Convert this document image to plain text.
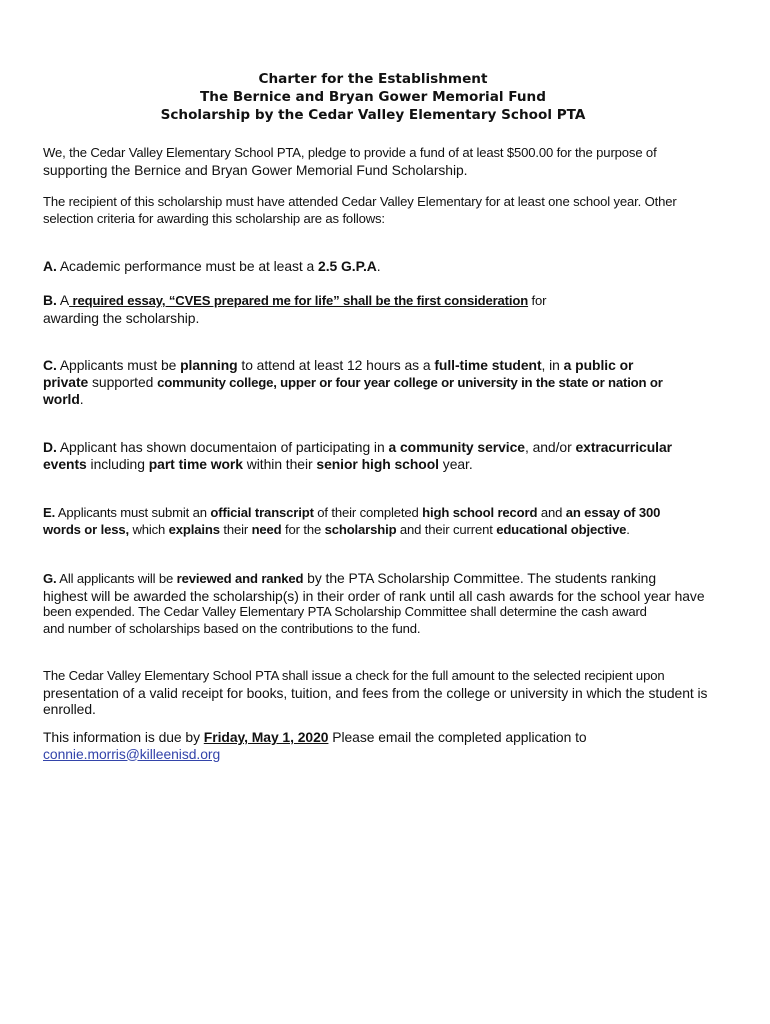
Charter for the Establishment
The Bernice and Bryan Gower Memorial Fund
Scholarship by the Cedar Valley Elementary School PTA
We, the Cedar Valley Elementary School PTA, pledge to provide a fund of at least $500.00 for the purpose of
supporting the Bernice and Bryan Gower Memorial Fund Scholarship.
The recipient of this scholarship must have attended Cedar Valley Elementary for at least one school year. Other
selection criteria for awarding this scholarship are as follows:
A. Academic performance must be at least a 2.5 G.P.A.
B. A required essay, “CVES prepared me for life” shall be the first consideration for
awarding the scholarship.
C. Applicants must be planning to attend at least 12 hours as a full-time student, in a public or
private supported community college, upper or four year college or university in the state or nation or
world.
D. Applicant has shown documentaion of participating in a community service, and/or extracurricular
events including part time work within their senior high school year.
E. Applicants must submit an official transcript of their completed high school record and an essay of 300
words or less, which explains their need for the scholarship and their current educational objective.
G. All applicants will be reviewed and ranked by the PTA Scholarship Committee. The students ranking
highest will be awarded the scholarship(s) in their order of rank until all cash awards for the school year have
been expended. The Cedar Valley Elementary PTA Scholarship Committee shall determine the cash award
and number of scholarships based on the contributions to the fund.
The Cedar Valley Elementary School PTA shall issue a check for the full amount to the selected recipient upon
presentation of a valid receipt for books, tuition, and fees from the college or university in which the student is
enrolled.
This information is due by Friday, May 1, 2020 Please email the completed application to
connie.morris@killeenisd.org
